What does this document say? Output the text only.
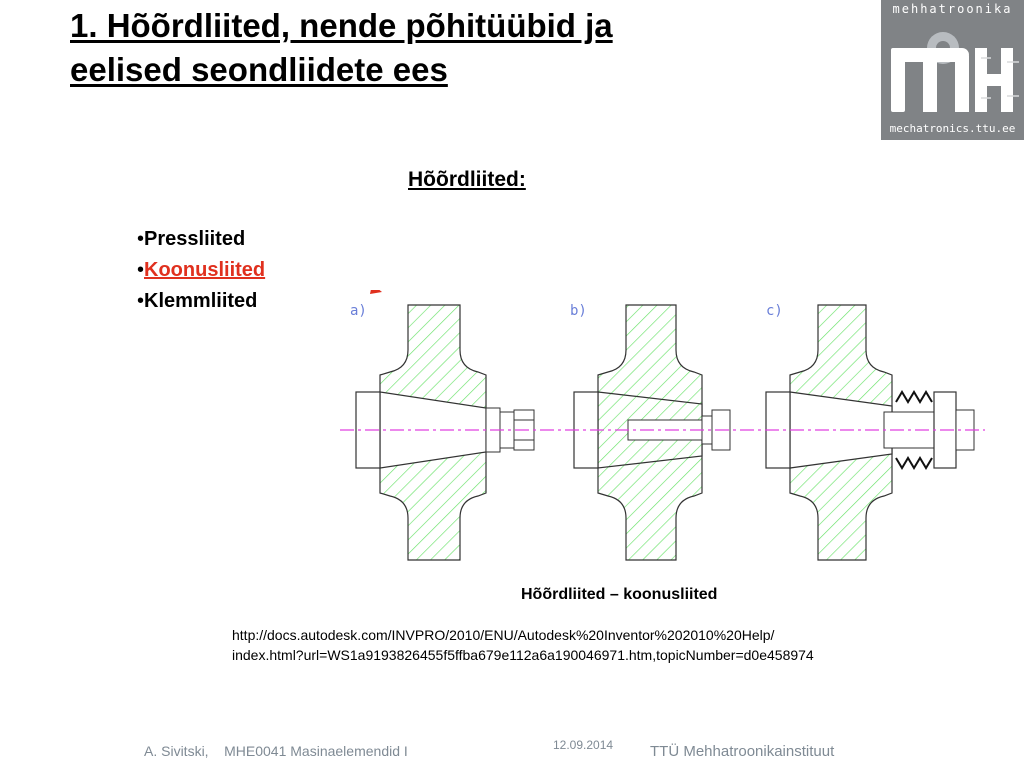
1. Hõõrdliited, nende põhitüübid ja
eelised seondliidete ees
mehhatroonika
mechatronics.ttu.ee
Hõõrdliited:
•Pressliited
•Koonusliited
•Klemmliited	a)	b)	c)
Hõõrdliited – koonusliited
http://docs.autodesk.com/INVPRO/2010/ENU/Autodesk%20Inventor%202010%20Help/
index.html?url=WS1a9193826455f5ffba679e112a6a190046971.htm,topicNumber=d0e458974
A. Sivitski,    MHE0041 Masinaelemendid I	12.09.2014 TTÜ Mehhatroonikainstituut
